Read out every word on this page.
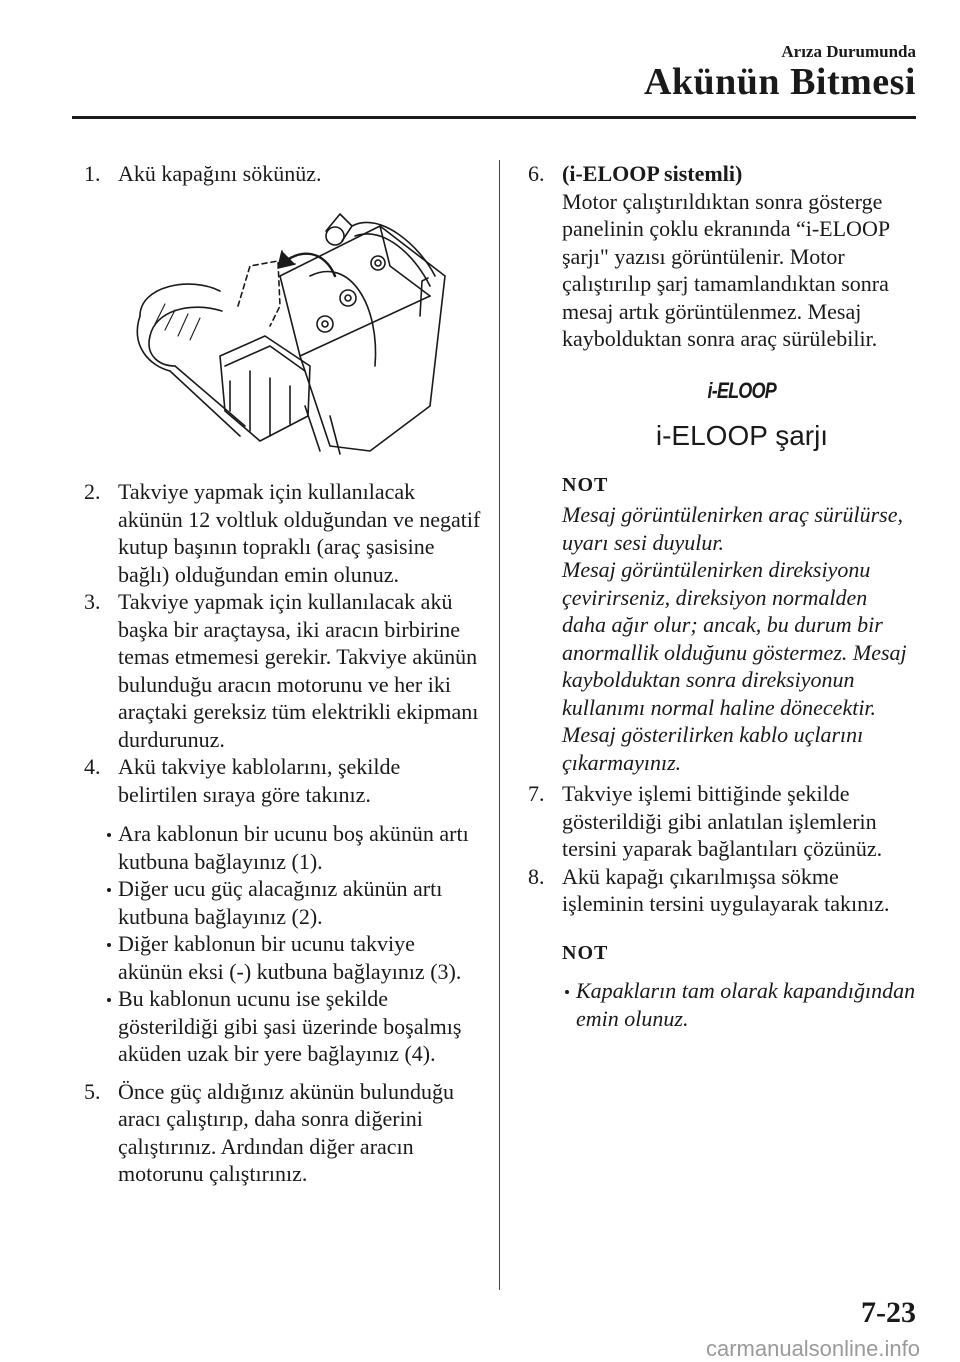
Arıza Durumunda
Akünün Bitmesi
1. Akü kapağını sökünüz.
2. Takviye yapmak için kullanılacak akünün 12 voltluk olduğundan ve negatif kutup başının topraklı (araç şasisine bağlı) olduğundan emin olunuz.
3. Takviye yapmak için kullanılacak akü başka bir araçtaysa, iki aracın birbirine temas etmemesi gerekir. Takviye akünün bulunduğu aracın motorunu ve her iki araçtaki gereksiz tüm elektrikli ekipmanı durdurunuz.
4. Akü takviye kablolarını, şekilde belirtilen sıraya göre takınız.
Ara kablonun bir ucunu boş akünün artı kutbuna bağlayınız (1).
Diğer ucu güç alacağınız akünün artı kutbuna bağlayınız (2).
Diğer kablonun bir ucunu takviye akünün eksi (-) kutbuna bağlayınız (3).
Bu kablonun ucunu ise şekilde gösterildiği gibi şasi üzerinde boşalmış aküden uzak bir yere bağlayınız (4).
5. Önce güç aldığınız akünün bulunduğu aracı çalıştırıp, daha sonra diğerini çalıştırınız. Ardından diğer aracın motorunu çalıştırınız.
6. (i-ELOOP sistemli)
Motor çalıştırıldıktan sonra gösterge panelinin çoklu ekranında “i-ELOOP şarjı" yazısı görüntülenir. Motor çalıştırılıp şarj tamamlandıktan sonra mesaj artık görüntülenmez. Mesaj kaybolduktan sonra araç sürülebilir.
i-ELOOP
i-ELOOP şarjı
NOT
Mesaj görüntülenirken araç sürülürse, uyarı sesi duyulur.
Mesaj görüntülenirken direksiyonu çevirirseniz, direksiyon normalden daha ağır olur; ancak, bu durum bir anormallik olduğunu göstermez. Mesaj kaybolduktan sonra direksiyonun kullanımı normal haline dönecektir.
Mesaj gösterilirken kablo uçlarını çıkarmayınız.
7. Takviye işlemi bittiğinde şekilde gösterildiği gibi anlatılan işlemlerin tersini yaparak bağlantıları çözünüz.
8. Akü kapağı çıkarılmışsa sökme işleminin tersini uygulayarak takınız.
NOT
Kapakların tam olarak kapandığından emin olunuz.
7-23
carmanualsonline.info
